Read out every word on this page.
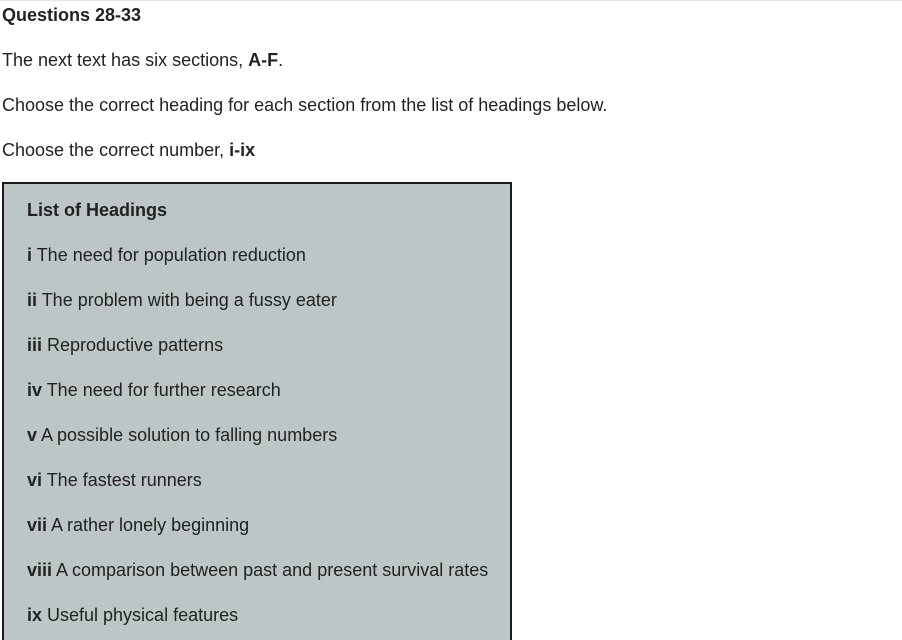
Questions 28-33

The next text has six sections, A-F.

Choose the correct heading for each section from the list of headings below.

Choose the correct number, i-ix

List of Headings

i The need for population reduction
ii The problem with being a fussy eater
iii Reproductive patterns
iv The need for further research
v A possible solution to falling numbers
vi The fastest runners
vii A rather lonely beginning
viii A comparison between past and present survival rates
ix Useful physical features
